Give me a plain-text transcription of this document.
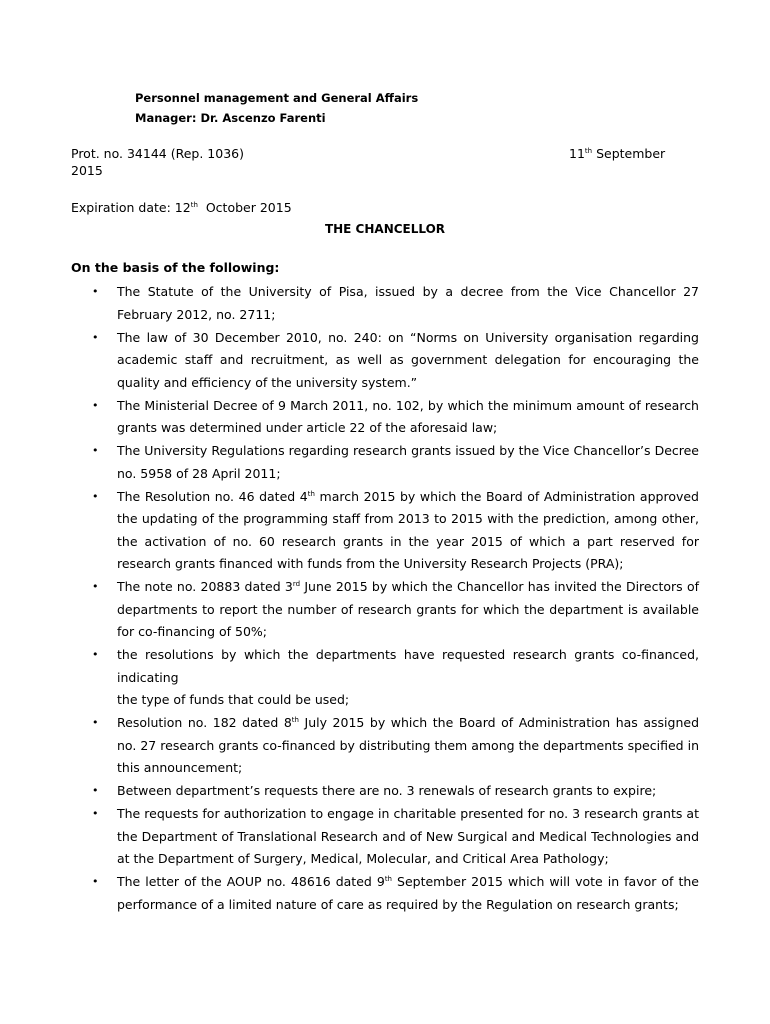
Personnel management and General Affairs
Manager: Dr. Ascenzo Farenti
Prot. no. 34144 (Rep. 1036)	11th September
2015
Expiration date: 12th  October 2015
THE CHANCELLOR
On the basis of the following:
• The Statute of the University of Pisa, issued by a decree from the Vice Chancellor 27 February 2012, no. 2711;
• The law of 30 December 2010, no. 240: on “Norms on University organisation regarding academic staff and recruitment, as well as government delegation for encouraging the quality and efficiency of the university system.”
• The Ministerial Decree of 9 March 2011, no. 102, by which the minimum amount of research grants was determined under article 22 of the aforesaid law;
• The University Regulations regarding research grants issued by the Vice Chancellor’s Decree no. 5958 of 28 April 2011;
• The Resolution no. 46 dated 4th march 2015 by which the Board of Administration approved the updating of the programming staff from 2013 to 2015 with the prediction, among other, the activation of no. 60 research grants in the year 2015 of which a part reserved for research grants financed with funds from the University Research Projects (PRA);
• The note no. 20883 dated 3rd June 2015 by which the Chancellor has invited the Directors of departments to report the number of research grants for which the department is available for co-financing of 50%;
• the resolutions by which the departments have requested research grants co-financed, indicating
the type of funds that could be used;
• Resolution no. 182 dated 8th July 2015 by which the Board of Administration has assigned no. 27 research grants co-financed by distributing them among the departments specified in this announcement;
• Between department’s requests there are no. 3 renewals of research grants to expire;
• The requests for authorization to engage in charitable presented for no. 3 research grants at the Department of Translational Research and of New Surgical and Medical Technologies and at the Department of Surgery, Medical, Molecular, and Critical Area Pathology;
• The letter of the AOUP no. 48616 dated 9th September 2015 which will vote in favor of the performance of a limited nature of care as required by the Regulation on research grants;
